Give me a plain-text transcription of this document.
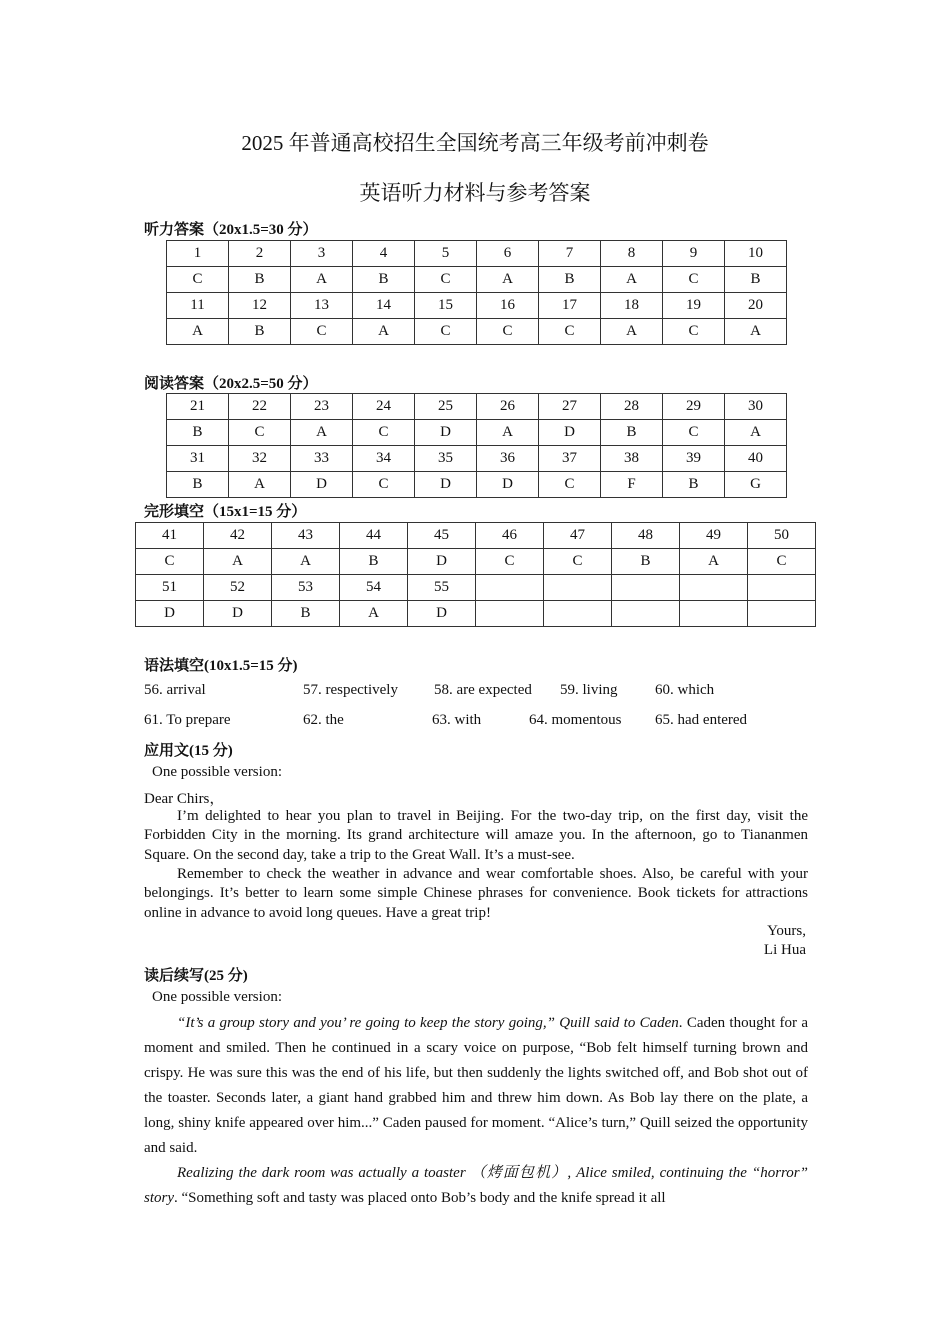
2025 年普通高校招生全国统考高三年级考前冲刺卷
英语听力材料与参考答案
听力答案（20x1.5=30 分）
1	2	3	4	5	6	7	8	9	10
C	B	A	B	C	A	B	A	C	B
11	12	13	14	15	16	17	18	19	20
A	B	C	A	C	C	C	A	C	A
阅读答案（20x2.5=50 分）
21	22	23	24	25	26	27	28	29	30
B	C	A	C	D	A	D	B	C	A
31	32	33	34	35	36	37	38	39	40
B	A	D	C	D	D	C	F	B	G
完形填空（15x1=15 分）
41	42	43	44	45	46	47	48	49	50
C	A	A	B	D	C	C	B	A	C
51	52	53	54	55					
D	D	B	A	D					
语法填空(10x1.5=15 分)
56. arrival	57. respectively 58. are expected 59. living 60. which
61. To prepare	62. the	63. with	64. momentous 65. had entered
应用文(15 分)
One possible version:
Dear Chirs，
I’m delighted to hear you plan to travel in Beijing. For the two-day trip, on the first day, visit the Forbidden City in the morning. Its grand architecture will amaze you. In the afternoon, go to Tiananmen Square. On the second day, take a trip to the Great Wall. It’s a must-see.
Remember to check the weather in advance and wear comfortable shoes. Also, be careful with your belongings. It’s better to learn some simple Chinese phrases for convenience. Book tickets for attractions online in advance to avoid long queues. Have a great trip!
Yours,
Li Hua
读后续写(25 分)
One possible version:
“It’s a group story and you’ re going to keep the story going,” Quill said to Caden. Caden thought for a moment and smiled. Then he continued in a scary voice on purpose, “Bob felt himself turning brown and crispy. He was sure this was the end of his life, but then suddenly the lights switched off, and Bob shot out of the toaster. Seconds later, a giant hand grabbed him and threw him down. As Bob lay there on the plate, a long, shiny knife appeared over him...” Caden paused for moment. “Alice’s turn,” Quill seized the opportunity and said.
Realizing the dark room was actually a toaster （烤面包机）, Alice smiled, continuing the “horror” story. “Something soft and tasty was placed onto Bob’s body and the knife spread it all
